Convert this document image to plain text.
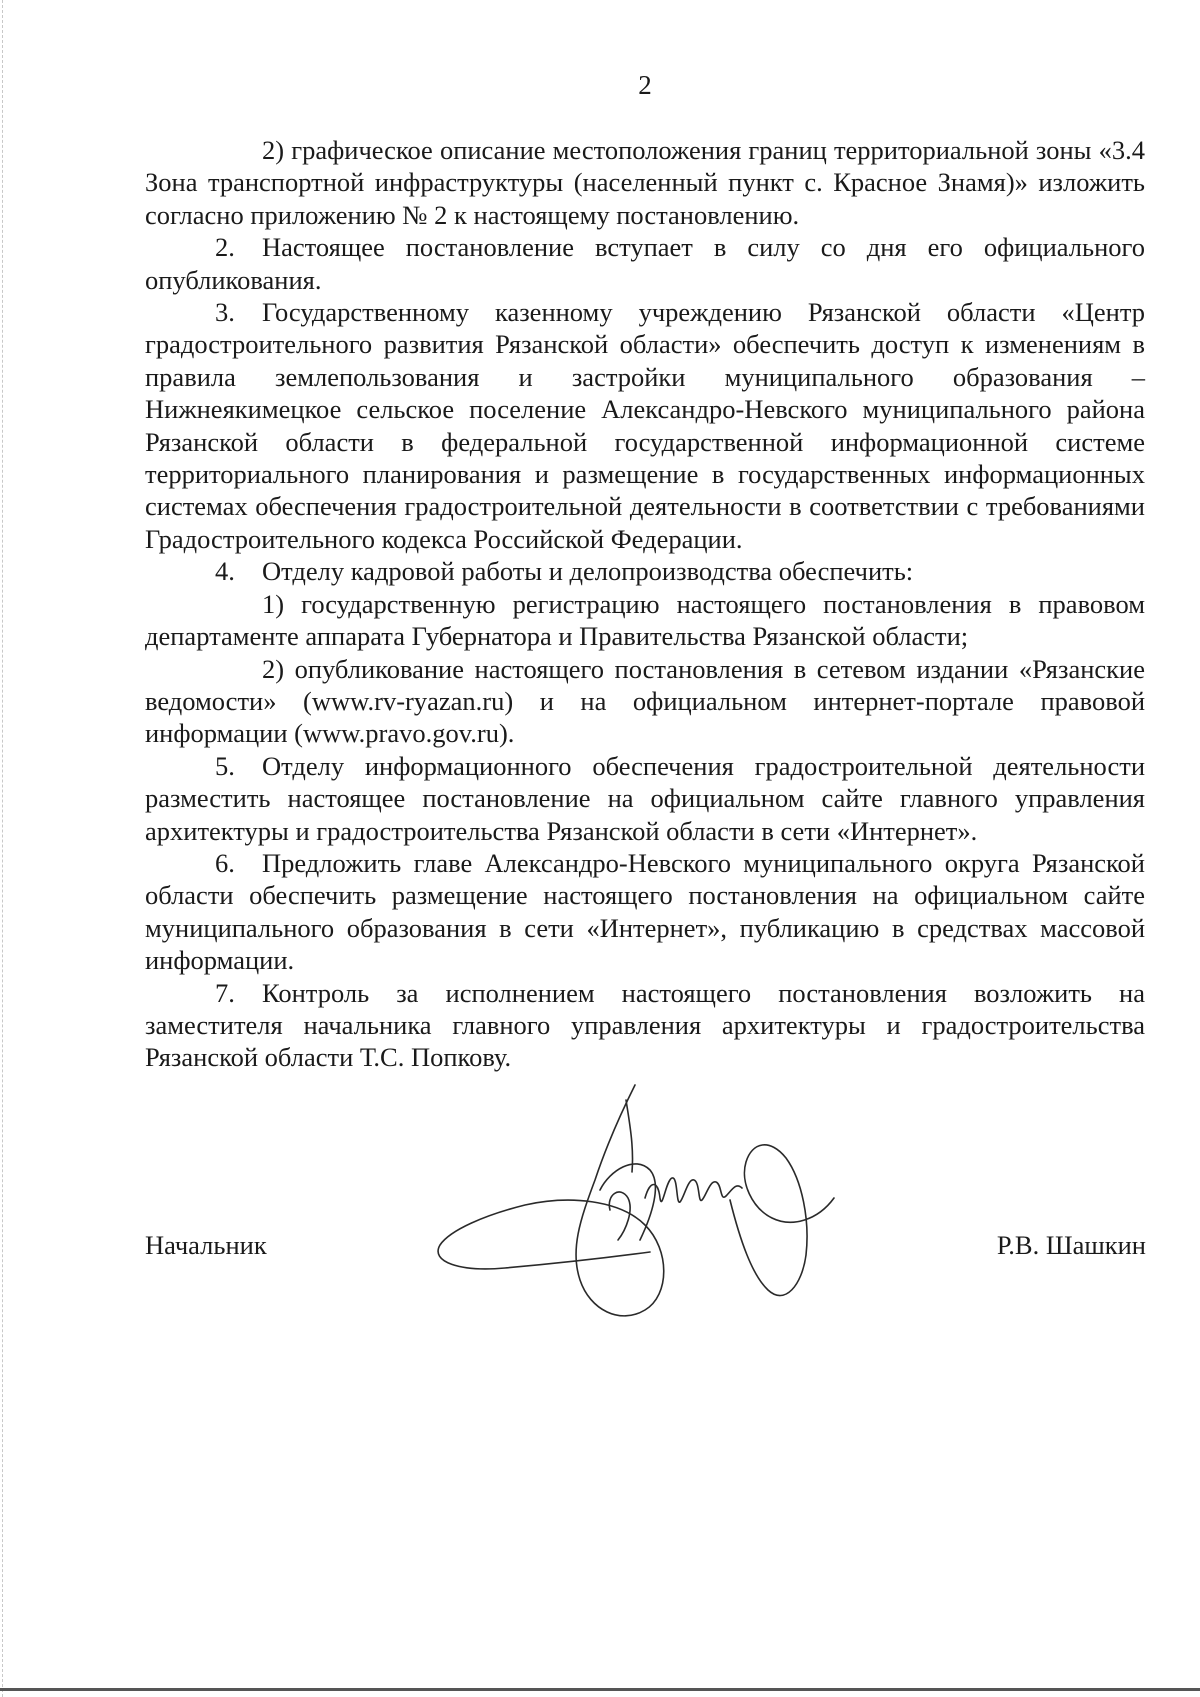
2

2) графическое описание местоположения границ территориальной зоны «3.4 Зона транспортной инфраструктуры (населенный пункт с. Красное Знамя)» изложить согласно приложению № 2 к настоящему постановлению.

2. Настоящее постановление вступает в силу со дня его официального опубликования.

3. Государственному казенному учреждению Рязанской области «Центр градостроительного развития Рязанской области» обеспечить доступ к изменениям в правила землепользования и застройки муниципального образования – Нижнеякимецкое сельское поселение Александро-Невского муниципального района Рязанской области в федеральной государственной информационной системе территориального планирования и размещение в государственных информационных системах обеспечения градостроительной деятельности в соответствии с требованиями Градостроительного кодекса Российской Федерации.

4. Отделу кадровой работы и делопроизводства обеспечить:

1) государственную регистрацию настоящего постановления в правовом департаменте аппарата Губернатора и Правительства Рязанской области;

2) опубликование настоящего постановления в сетевом издании «Рязанские ведомости» (www.rv-ryazan.ru) и на официальном интернет-портале правовой информации (www.pravo.gov.ru).

5. Отделу информационного обеспечения градостроительной деятельности разместить настоящее постановление на официальном сайте главного управления архитектуры и градостроительства Рязанской области в сети «Интернет».

6. Предложить главе Александро-Невского муниципального округа Рязанской области обеспечить размещение настоящего постановления на официальном сайте муниципального образования в сети «Интернет», публикацию в средствах массовой информации.

7. Контроль за исполнением настоящего постановления возложить на заместителя начальника главного управления архитектуры и градостроительства Рязанской области Т.С. Попкову.

Начальник	Р.В. Шашкин
